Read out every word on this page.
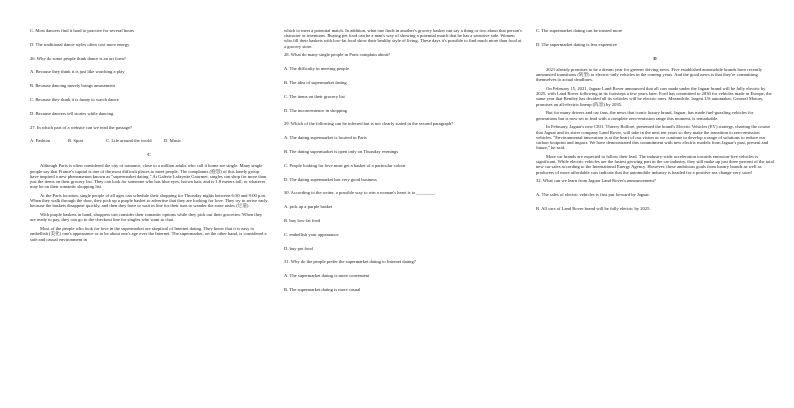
C. Most dancers find it hard to practice for several hours

D. The traditional dance styles often cost more energy

26. Why do some people think dance is an art form?

A. Because they think it is just like watching a play

B. Because dancing merely brings amusement

C. Because they think it is funny to watch dance

D. Because dancers tell stories while dancing

27. In which part of a website can we read the passage?

A. Fashion	B. Sport	C. Life around the world	D. Music

C

Although Paris is often considered the city of romance, close to a million adults who call it home are single. Many single people say that France's capital is one of the most difficult places to meet people. The complaints (抱怨) of this lonely group have inspired a new phenomenon known as "supermarket dating." At Galerie Lafayette Gourmet, singles can shop for more than just the items on their grocery list. They can look for someone who has blue eyes, brown hair, and is 1.8 meters tall, or whatever may be on their romantic shopping list.

At the Paris location, single people of all ages can schedule their shopping for Thursday nights between 6:30 and 9:00 p.m. When they walk through the door, they pick up a purple basket to advertise that they are looking for love. They try to arrive early because the baskets disappear quickly, and then they have to wait in line for their turn to wander the store aisles (过道).

With purple baskets in hand, shoppers can consider their romantic options while they pick out their groceries. When they are ready to pay, they can go to the checkout line for singles who want to chat.

Most of the people who look for love in the supermarket are skeptical of Internet dating. They know that it is easy to embellish (美化) one's appearance or to be about one's age over the Internet. The supermarket, on the other hand, is considered a safe and casual environment in

which to meet a potential match. In addition, what one finds in another's grocery basket can say a thing or two about that person's character or intentions. Buying pet food can be a man's way of showing a potential match that he has a sensitive side. Women who fill their baskets with low-fat food show their healthy style of living. These days it's possible to find much more than food at a grocery store.

28. What do many single people in Paris complain about?

A. The difficulty in meeting people

B. The idea of supermarket dating

C. The items on their grocery list

D. The inconvenience in shopping

29. Which of the following can be inferred but is not clearly stated in the second paragraph?

A. The dating supermarket is located in Paris

B. The dating supermarket is open only on Thursday evenings

C. People looking for love must get a basket of a particular colour

D. The dating supermarket has very good business

30. According to the writer, a possible way to win a woman's heart is to ________.

A. pick up a purple basket

B. buy low-fat food

C. embellish your appearance

D. buy pet food

31. Why do the people prefer the supermarket dating to Internet dating?

A. The supermarket dating is more convenient

B. The supermarket dating is more casual

C. The supermarket dating can be trusted more

D. The supermarket dating is less expensive

D

2021 already promises to be a dream year for greener driving news. Five established automobile brands have recently announced transitions (转型) to electric-only vehicles in the coming years. And the good news is that they're committing themselves to actual deadlines.

On February 15, 2021, Jaguar Land Rover announced that all cars made under the Jaguar brand will be fully electric by 2025, with Land Rover following in its footsteps a few years later. Ford has committed to 2030 for vehicles made in Europe, the same year that Bentley has decided all its vehicles will be electric ones. Meanwhile, largest US automaker, General Motors, promises an all-electric lineup (阵容) by 2035.

But for many drivers and car fans, the news that iconic luxury brand, Jaguar, has made fuel-guzzling vehicles for generations but is now set to lead with a complete zero-emission range this moment, is remarkable.

In February, Jaguar's new CEO, Thierry Bolloré, presented the brand's Electric Vehicles (EV) strategy, charting the course that Jaguar and its sister company Land Rover, will take in the next ten years so they make the transition to zero-emission vehicles. "Environmental innovation is at the heart of our vision as we continue to develop a range of solutions to reduce our carbon footprint and impact. We have demonstrated this commitment with new electric models from Jaguar's past, present and future," he said.

More car brands are expected to follow their lead. The industry-wide acceleration towards emission-free vehicles is significant. While electric vehicles are the fastest growing part in the car industry, they still make up just three percent of the total new car sales according to the International Energy Agency. However, these ambitious goals from luxury brands as well as producers of more affordable cars indicate that the automobile industry is headed for a positive sea change very soon!

32. What can we learn from Jaguar Land Rover's announcement?

A. The sales of electric vehicles is first put forward by Jaguar.

B. All cars of Land Rover brand will be fully electric by 2025.
